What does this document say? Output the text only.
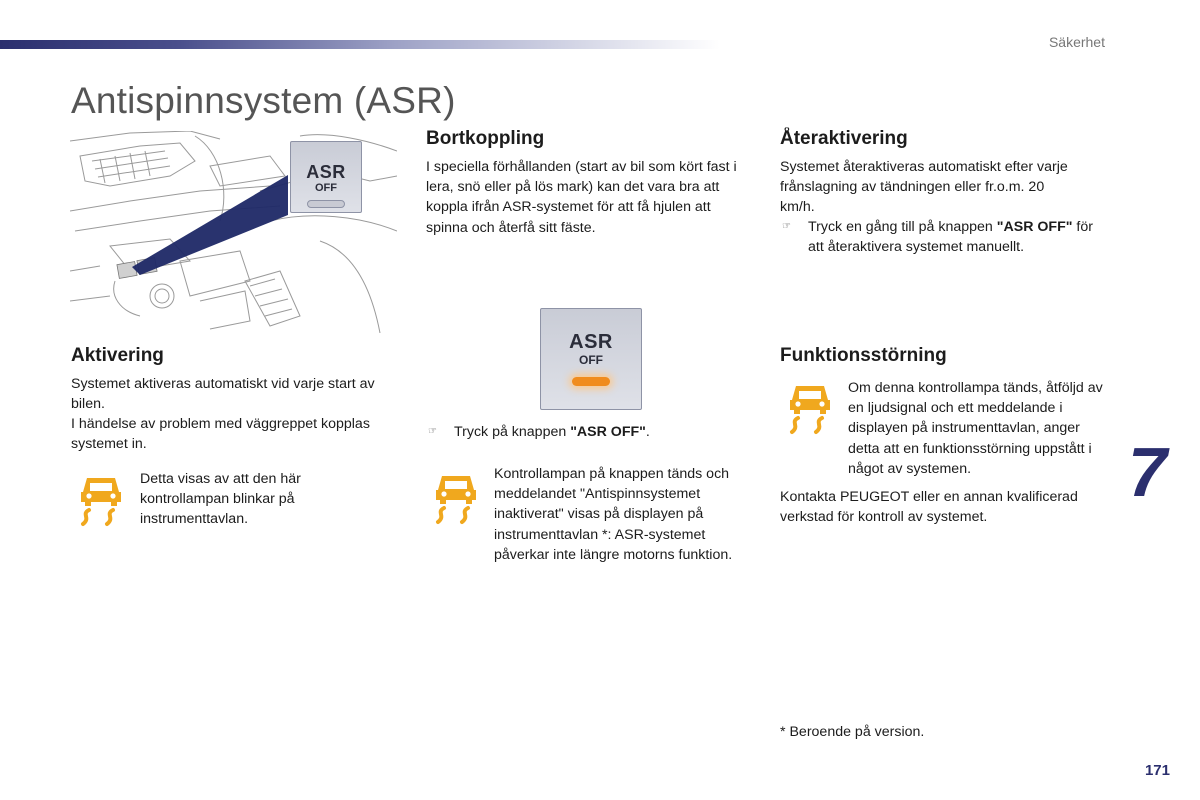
Säkerhet
Antispinnsystem (ASR)
ASR
OFF
Aktivering
Systemet aktiveras automatiskt vid varje start av bilen.
I händelse av problem med väggreppet kopplas systemet in.
Detta visas av att den här kontrollampan blinkar på instrumenttavlan.
Bortkoppling
I speciella förhållanden (start av bil som kört fast i lera, snö eller på lös mark) kan det vara bra att koppla ifrån ASR-systemet för att få hjulen att spinna och återfå sitt fäste.
ASR
OFF
☞ Tryck på knappen "ASR OFF".
Kontrollampan på knappen tänds och meddelandet "Antispinnsystemet inaktiverat" visas på displayen på instrumenttavlan *: ASR-systemet påverkar inte längre motorns funktion.
Återaktivering
Systemet återaktiveras automatiskt efter varje frånslagning av tändningen eller fr.o.m. 20 km/h.
☞ Tryck en gång till på knappen "ASR OFF" för att återaktivera systemet manuellt.
Funktionsstörning
Om denna kontrollampa tänds, åtföljd av en ljudsignal och ett meddelande i displayen på instrumenttavlan, anger detta att en funktionsstörning uppstått i något av systemen.
Kontakta PEUGEOT eller en annan kvalificerad verkstad för kontroll av systemet.
7
* Beroende på version.
171
